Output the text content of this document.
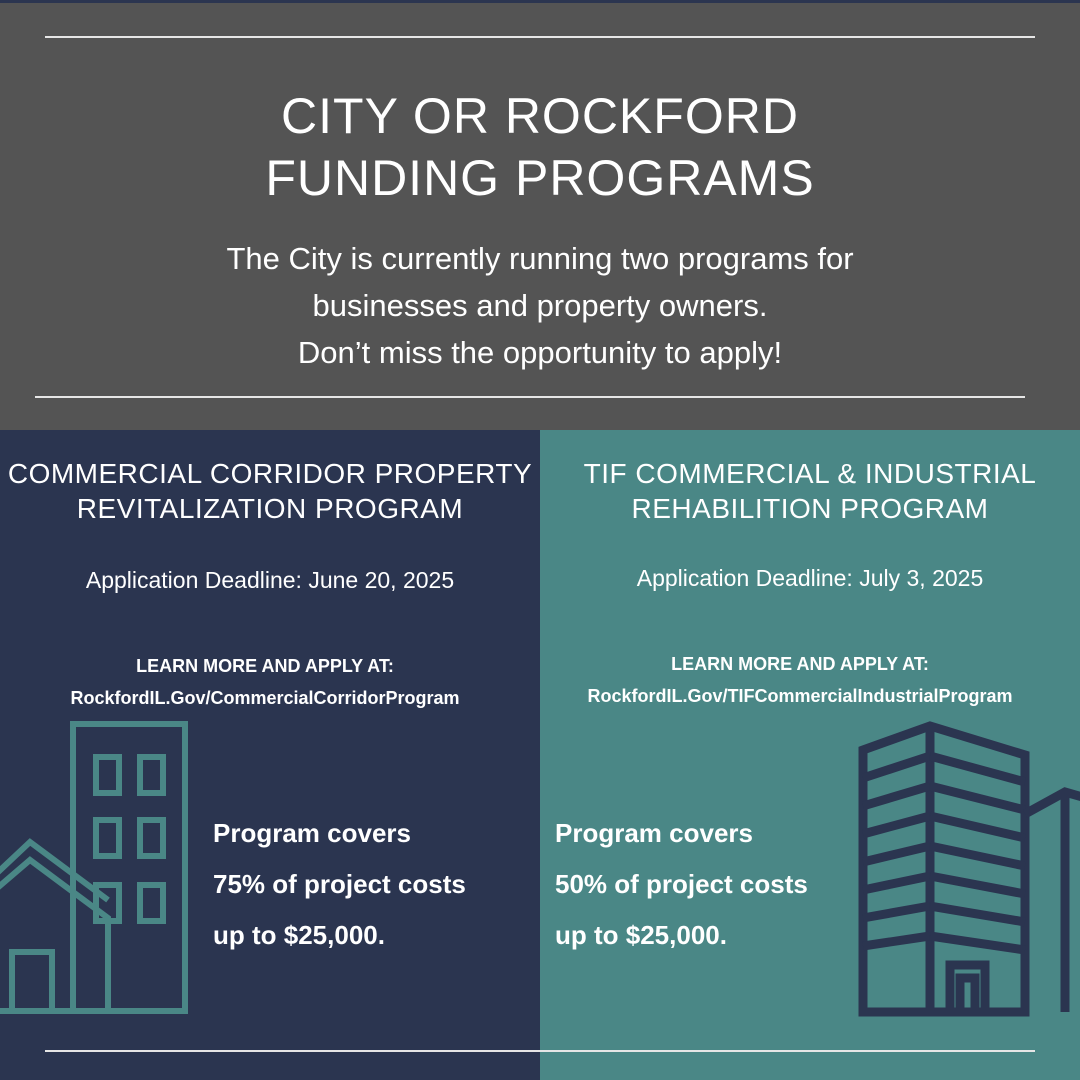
CITY OR ROCKFORD
FUNDING PROGRAMS
The City is currently running two programs for
businesses and property owners.
Don’t miss the opportunity to apply!
COMMERCIAL CORRIDOR PROPERTY
REVITALIZATION PROGRAM
Application Deadline: June 20, 2025
LEARN MORE AND APPLY AT:
RockfordIL.Gov/CommercialCorridorProgram
Program covers
75% of project costs
up to $25,000.
TIF COMMERCIAL & INDUSTRIAL
REHABILITION PROGRAM
Application Deadline: July 3, 2025
LEARN MORE AND APPLY AT:
RockfordIL.Gov/TIFCommercialIndustrialProgram
Program covers
50% of project costs
up to $25,000.
